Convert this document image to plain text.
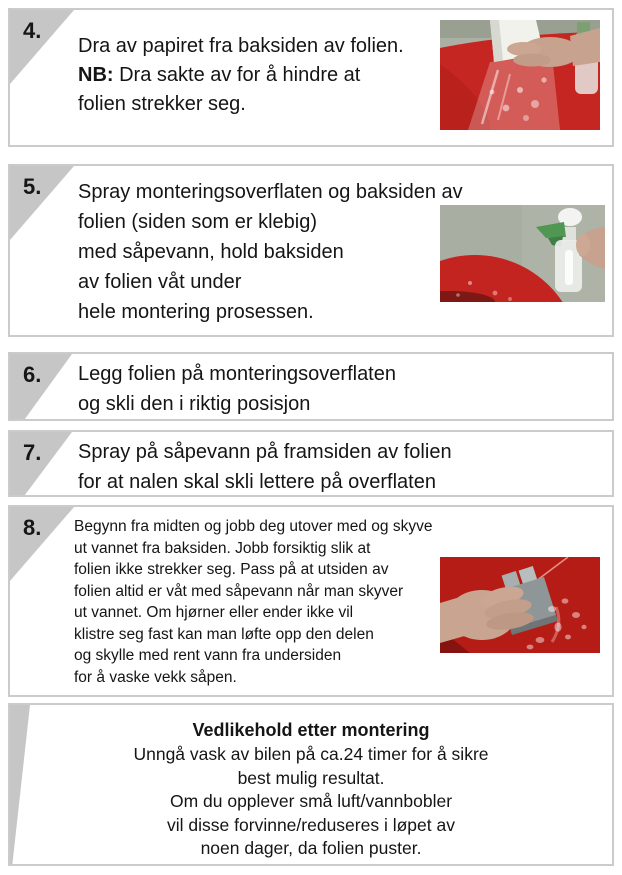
4.
Dra av papiret fra baksiden av folien.
NB: Dra sakte av for å hindre at
folien strekker seg.
5. Spray monteringsoverflaten og baksiden av
folien (siden som er klebig)
med såpevann, hold baksiden
av folien våt under
hele montering prosessen.
6. Legg folien på monteringsoverflaten
og skli den i riktig posisjon
7. Spray på såpevann på framsiden av folien
for at nalen skal skli lettere på overflaten
8. Begynn fra midten og jobb deg utover med og skyve
ut vannet fra baksiden. Jobb forsiktig slik at
folien ikke strekker seg. Pass på at utsiden av
folien altid er våt med såpevann når man skyver
ut vannet. Om hjørner eller ender ikke vil
klistre seg fast kan man løfte opp den delen
og skylle med rent vann fra undersiden
for å vaske vekk såpen.
Vedlikehold etter montering
Unngå vask av bilen på ca.24 timer for å sikre
best mulig resultat.
Om du opplever små luft/vannbobler
vil disse forvinne/reduseres i løpet av
noen dager, da folien puster.
